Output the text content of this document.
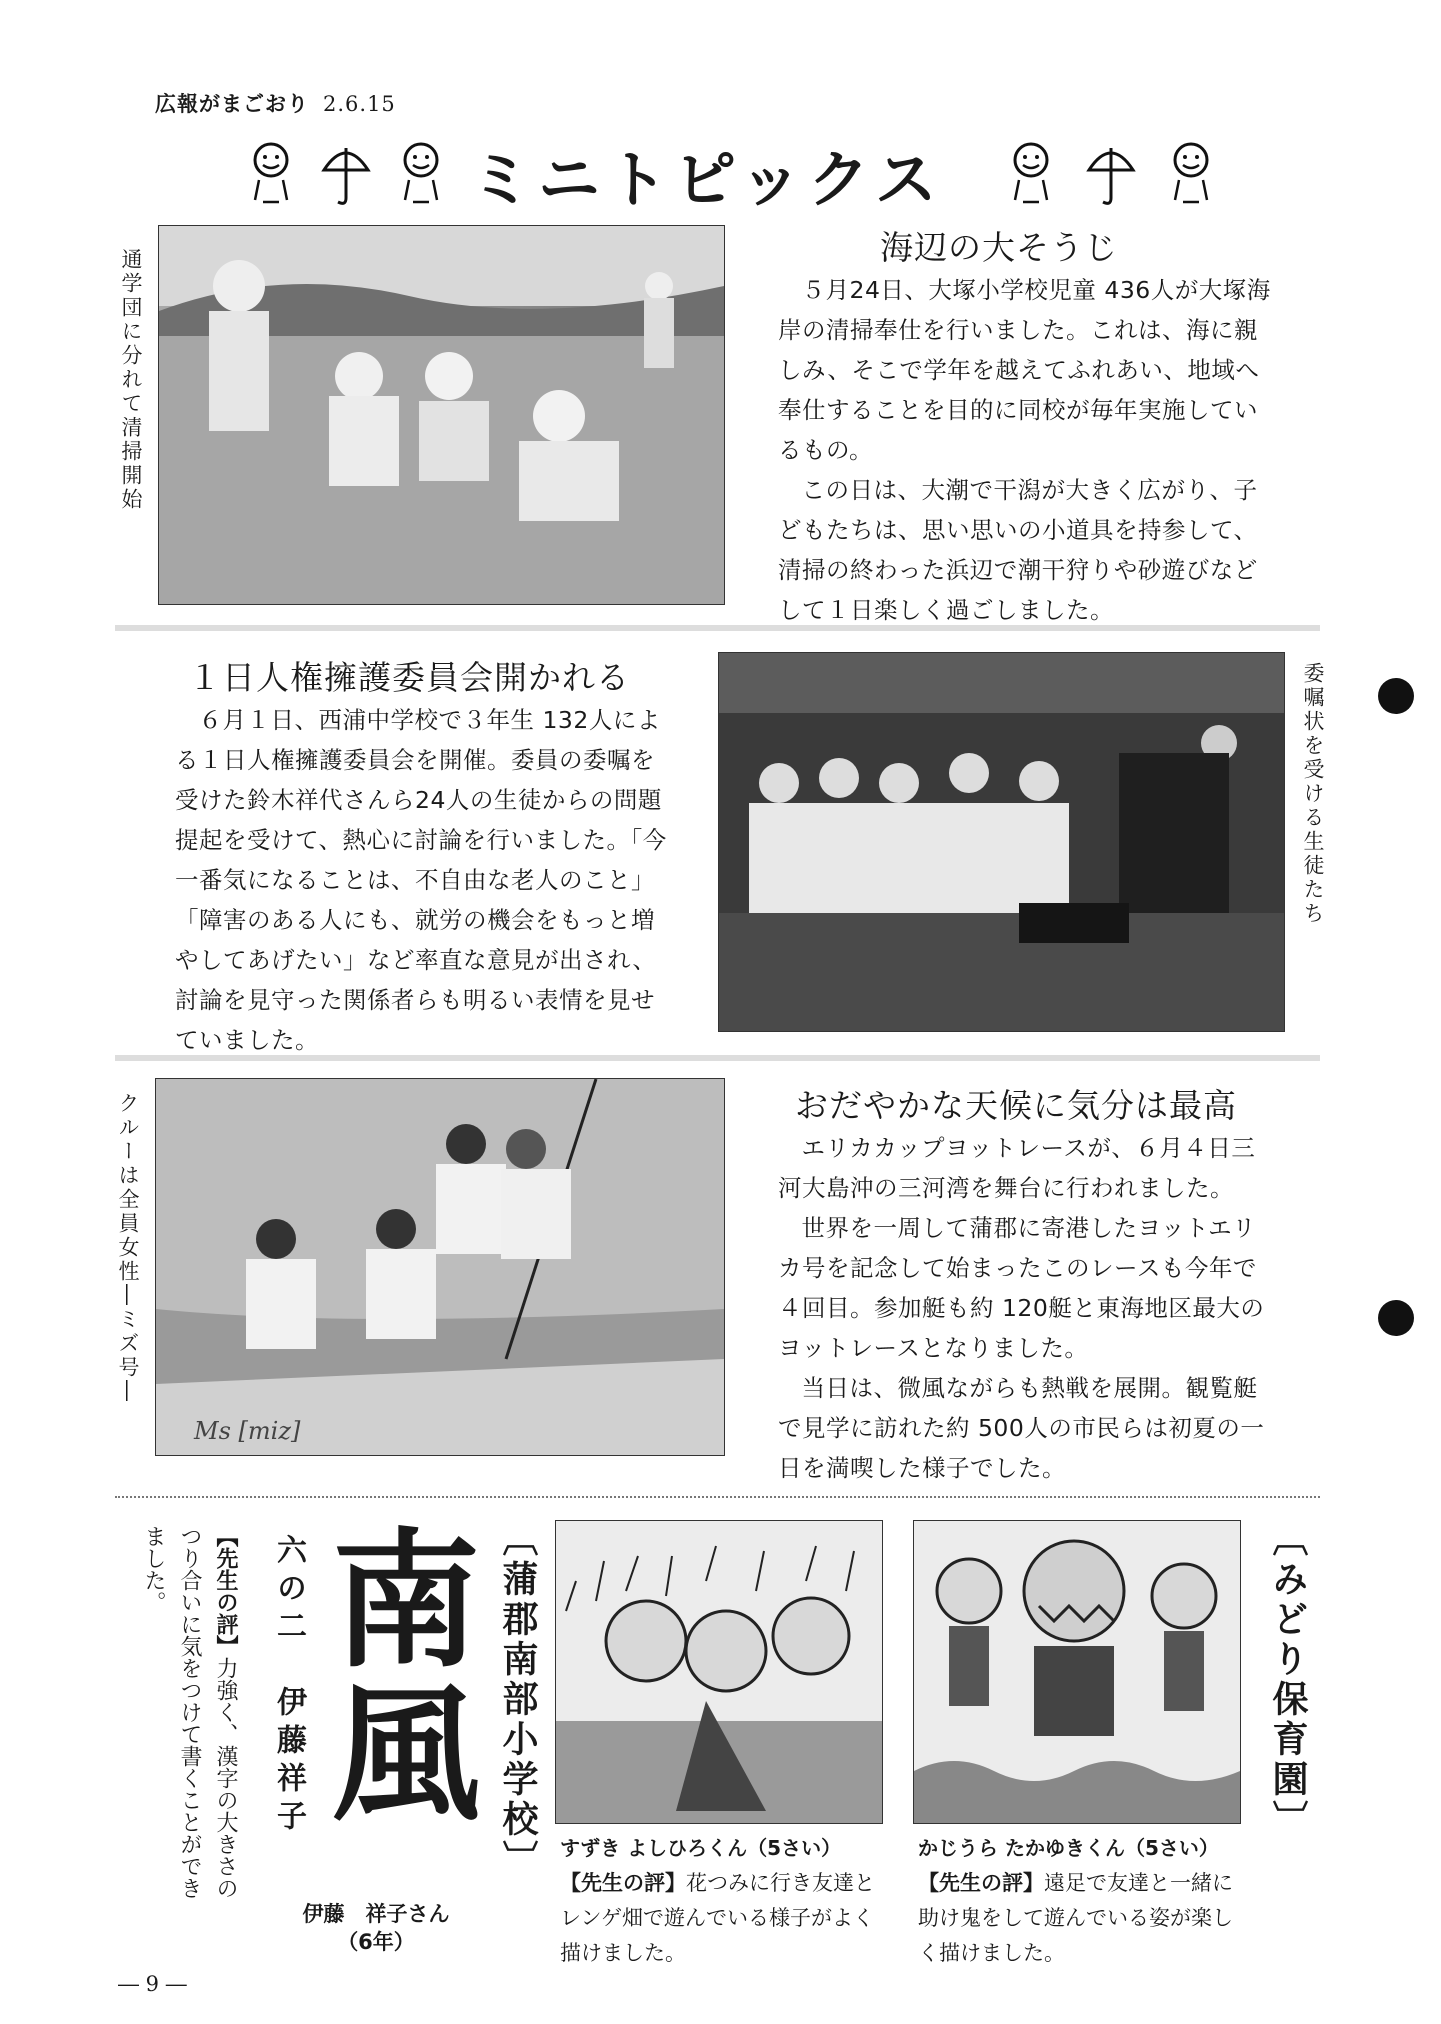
広報がまごおり 2.6.15
ミニトピックス
通学団に分れて清掃開始
海辺の大そうじ

５月24日、大塚小学校児童 436人が大塚海岸の清掃奉仕を行いました。これは、海に親しみ、そこで学年を越えてふれあい、地域へ奉仕することを目的に同校が毎年実施しているもの。

この日は、大潮で干潟が大きく広がり、子どもたちは、思い思いの小道具を持参して、清掃の終わった浜辺で潮干狩りや砂遊びなどして１日楽しく過ごしました。

１日人権擁護委員会開かれる

６月１日、西浦中学校で３年生 132人による１日人権擁護委員会を開催。委員の委嘱を受けた鈴木祥代さんら24人の生徒からの問題提起を受けて、熱心に討論を行いました。「今一番気になることは、不自由な老人のこと」「障害のある人にも、就労の機会をもっと増やしてあげたい」など率直な意見が出され、討論を見守った関係者らも明るい表情を見せていました。

委嘱状を受ける生徒たち
クルーは全員女性―ミズ号―
Ms [miz]
おだやかな天候に気分は最高

エリカカップヨットレースが、６月４日三河大島沖の三河湾を舞台に行われました。

世界を一周して蒲郡に寄港したヨットエリカ号を記念して始まったこのレースも今年で４回目。参加艇も約 120艇と東海地区最大のヨットレースとなりました。

当日は、微風ながらも熱戦を展開。観覧艇で見学に訪れた約 500人の市民らは初夏の一日を満喫した様子でした。

【先生の評】力強く、漢字の大きさのつり合いに気をつけて書くことができました。	六の二　伊藤祥子 南風
伊藤　祥子さん
（6年）
〔蒲郡南部小学校〕 すずき よしひろくん（5さい）
【先生の評】花つみに行き友達とレンゲ畑で遊んでいる様子がよく描けました。
かじうら たかゆきくん（5さい）
【先生の評】遠足で友達と一緒に助け鬼をして遊んでいる姿が楽しく描けました。
〔みどり保育園〕
― 9 ―
